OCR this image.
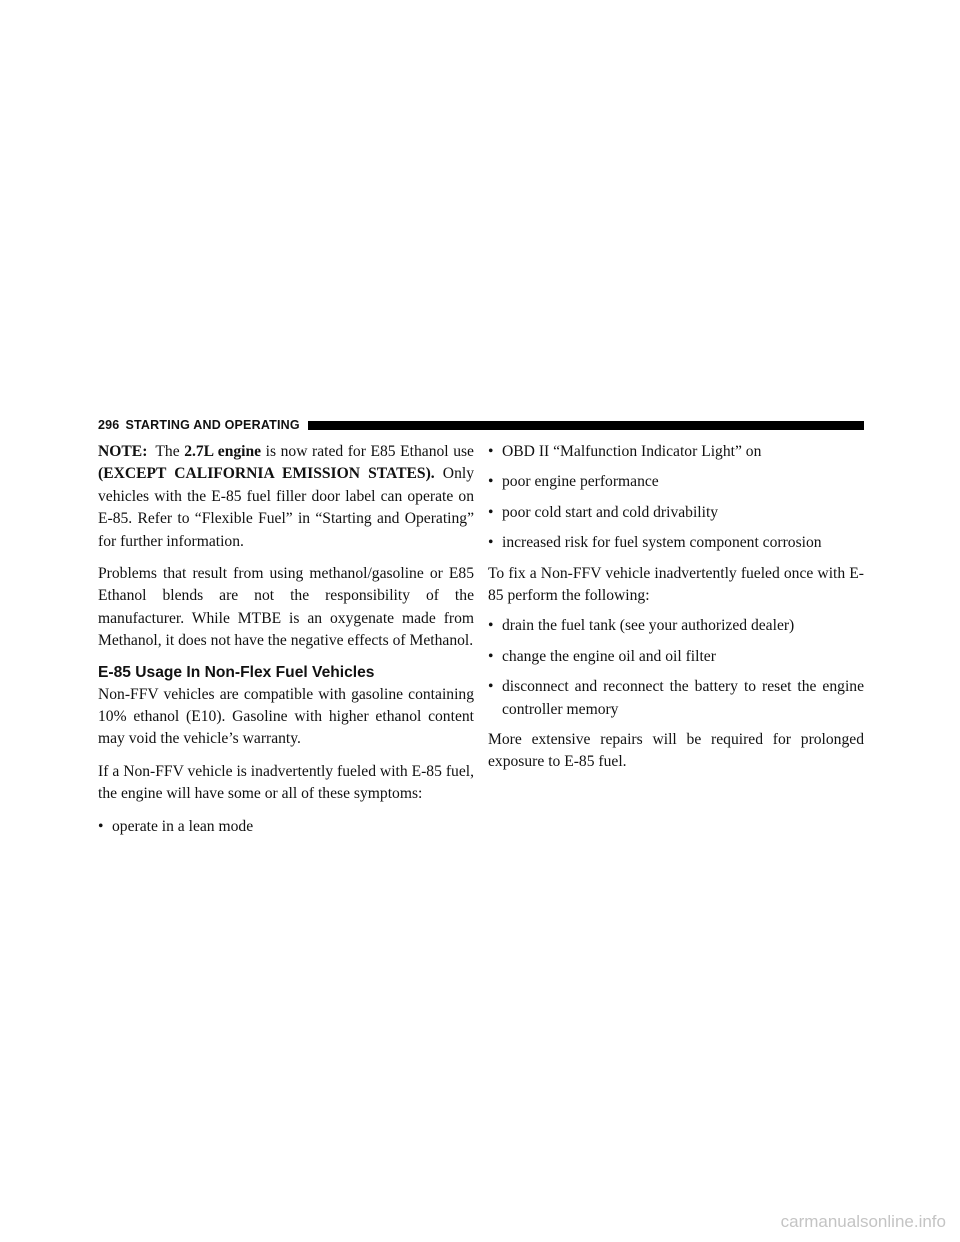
296 STARTING AND OPERATING

NOTE: The 2.7L engine is now rated for E85 Ethanol use (EXCEPT CALIFORNIA EMISSION STATES). Only vehicles with the E-85 fuel filler door label can operate on E-85. Refer to “Flexible Fuel” in “Starting and Operating” for further information.

Problems that result from using methanol/gasoline or E85 Ethanol blends are not the responsibility of the manufacturer. While MTBE is an oxygenate made from Methanol, it does not have the negative effects of Methanol.

E-85 Usage In Non-Flex Fuel Vehicles

Non-FFV vehicles are compatible with gasoline containing 10% ethanol (E10). Gasoline with higher ethanol content may void the vehicle’s warranty.

If a Non-FFV vehicle is inadvertently fueled with E-85 fuel, the engine will have some or all of these symptoms:

• operate in a lean mode
• OBD II “Malfunction Indicator Light” on
• poor engine performance
• poor cold start and cold drivability
• increased risk for fuel system component corrosion

To fix a Non-FFV vehicle inadvertently fueled once with E-85 perform the following:

• drain the fuel tank (see your authorized dealer)
• change the engine oil and oil filter
• disconnect and reconnect the battery to reset the engine controller memory

More extensive repairs will be required for prolonged exposure to E-85 fuel.

carmanualsonline.info
